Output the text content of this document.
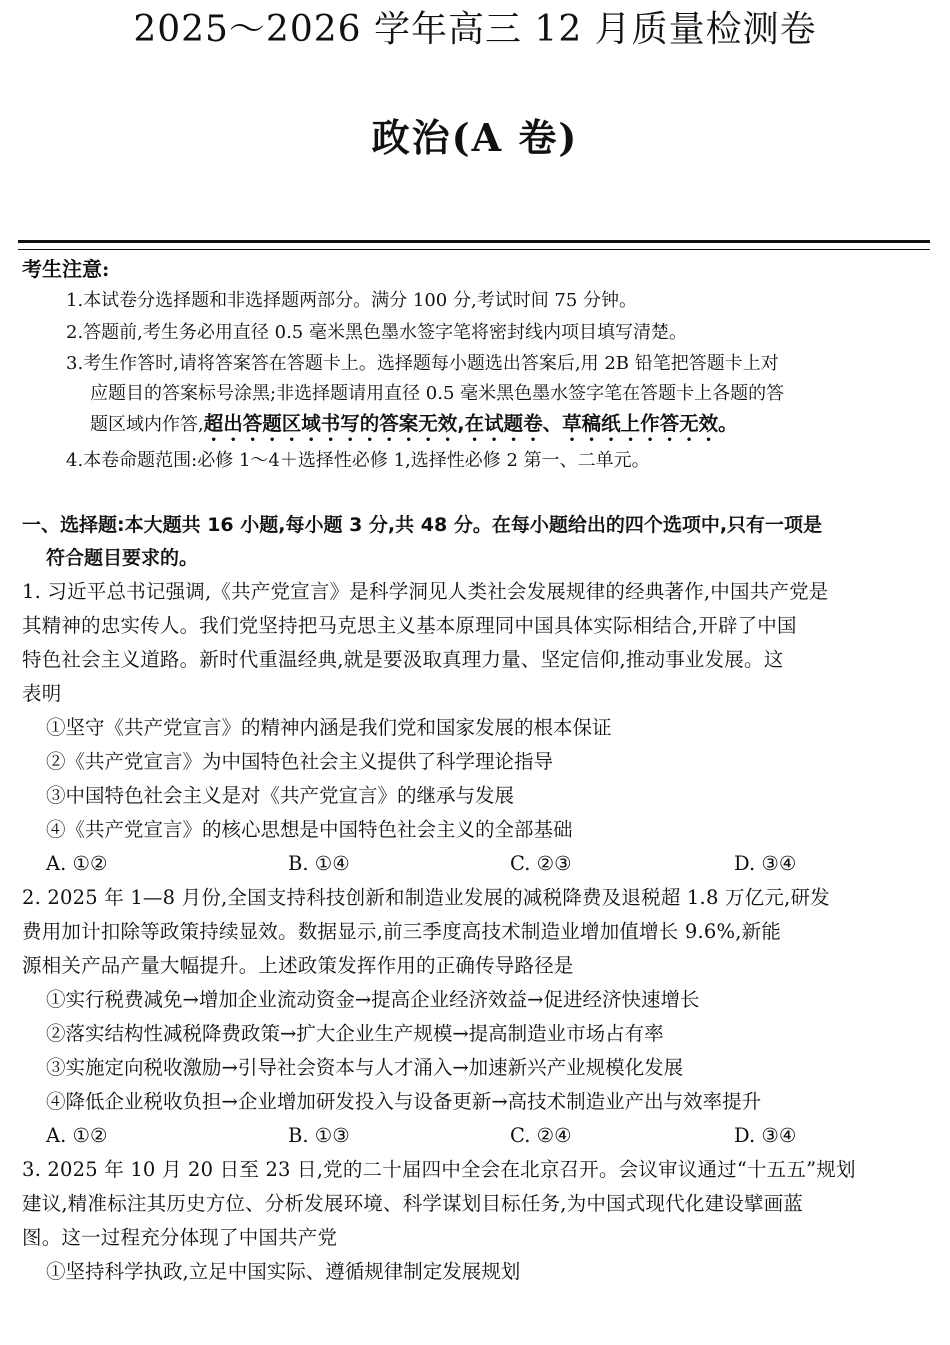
2025～2026 学年高三 12 月质量检测卷
政治(A 卷)
考生注意:
1.本试卷分选择题和非选择题两部分。满分 100 分,考试时间 75 分钟。
2.答题前,考生务必用直径 0.5 毫米黑色墨水签字笔将密封线内项目填写清楚。
3.考生作答时,请将答案答在答题卡上。选择题每小题选出答案后,用 2B 铅笔把答题卡上对
应题目的答案标号涂黑;非选择题请用直径 0.5 毫米黑色墨水签字笔在答题卡上各题的答
题区域内作答,超出答题区域书写的答案无效,在试题卷、草稿纸上作答无效。
4.本卷命题范围:必修 1～4＋选择性必修 1,选择性必修 2 第一、二单元。
一、选择题:本大题共 16 小题,每小题 3 分,共 48 分。在每小题给出的四个选项中,只有一项是
符合题目要求的。
1. 习近平总书记强调,《共产党宣言》是科学洞见人类社会发展规律的经典著作,中国共产党是
其精神的忠实传人。我们党坚持把马克思主义基本原理同中国具体实际相结合,开辟了中国
特色社会主义道路。新时代重温经典,就是要汲取真理力量、坚定信仰,推动事业发展。这
表明
①坚守《共产党宣言》的精神内涵是我们党和国家发展的根本保证
②《共产党宣言》为中国特色社会主义提供了科学理论指导
③中国特色社会主义是对《共产党宣言》的继承与发展
④《共产党宣言》的核心思想是中国特色社会主义的全部基础
A. ①②	B. ①④	C. ②③	D. ③④
2. 2025 年 1—8 月份,全国支持科技创新和制造业发展的减税降费及退税超 1.8 万亿元,研发
费用加计扣除等政策持续显效。数据显示,前三季度高技术制造业增加值增长 9.6%,新能
源相关产品产量大幅提升。上述政策发挥作用的正确传导路径是
①实行税费减免→增加企业流动资金→提高企业经济效益→促进经济快速增长
②落实结构性减税降费政策→扩大企业生产规模→提高制造业市场占有率
③实施定向税收激励→引导社会资本与人才涌入→加速新兴产业规模化发展
④降低企业税收负担→企业增加研发投入与设备更新→高技术制造业产出与效率提升
A. ①②	B. ①③	C. ②④	D. ③④
3. 2025 年 10 月 20 日至 23 日,党的二十届四中全会在北京召开。会议审议通过“十五五”规划
建议,精准标注其历史方位、分析发展环境、科学谋划目标任务,为中国式现代化建设擘画蓝
图。这一过程充分体现了中国共产党
①坚持科学执政,立足中国实际、遵循规律制定发展规划
